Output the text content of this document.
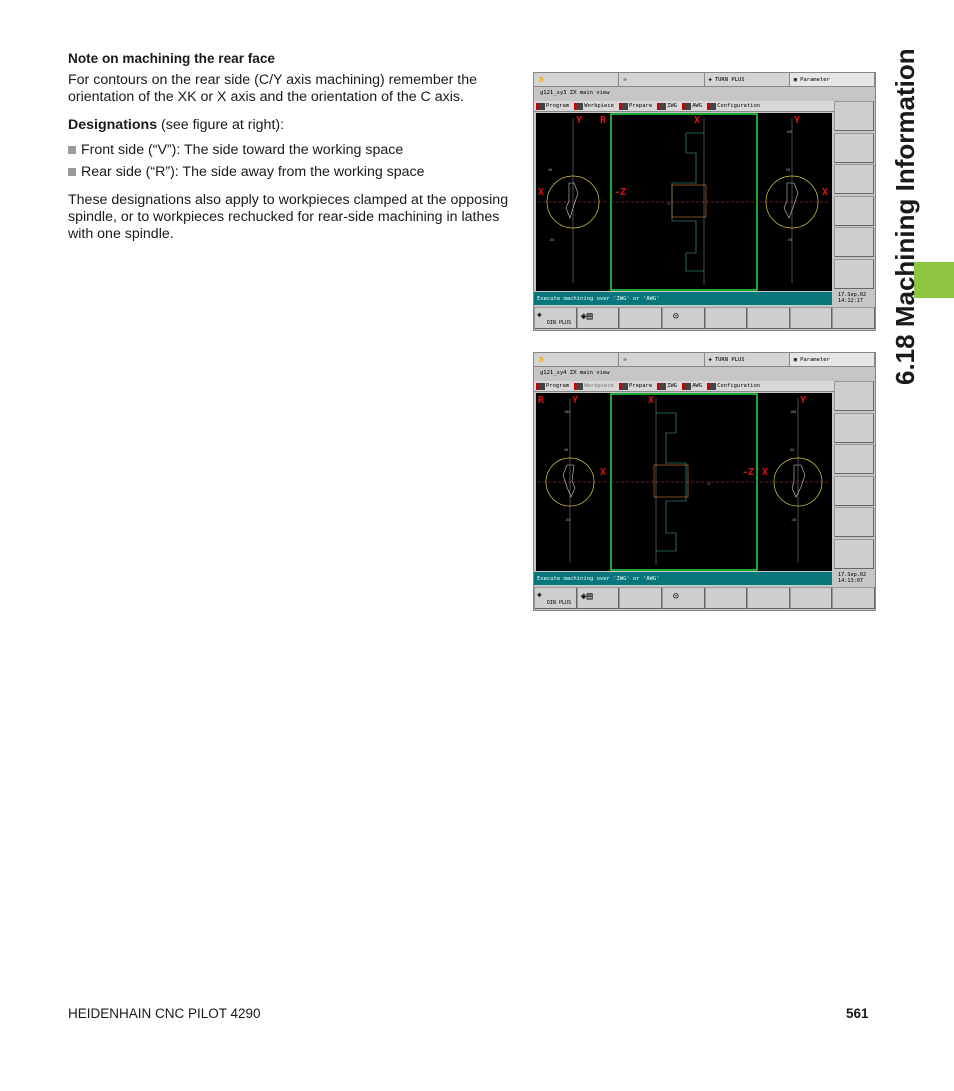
Note on machining the rear face

For contours on the rear side (C/Y axis machining) remember the orientation of the XK or X axis and the orientation of the C axis.

Designations (see figure at right):

Front side (“V”): The side toward the working space
Rear side (“R”): The side away from the working space

These designations also apply to workpieces clamped at the opposing spindle, or to workpieces rechucked for rear-side machining in lathes with one spindle.	6.18 Machining Information
HEIDENHAIN CNC PILOT 4290	561
✋	⇛	◈ TURN PLUS	▣ Parameter
g121_xy3 ZX main view
Program	Workpiece	Prepare	IWG	AWG	Configuration
50
-50
100
50
-50
-Z
Y R
X
X
-Z
Y
X
Execute machining over 'IWG' or 'AWG'
17.Sep.02
14:12:17
◈
DIN PLUS
◈▤	⊝
✋	⇛	◈ TURN PLUS	▣ Parameter
g121_xy4 ZX main view
Program	Workpiece	Prepare	IWG	AWG	Configuration
100
50
-50
100
50
-50
-Z
R	Y
X
X
-Z X
Y
Execute machining over 'IWG' or 'AWG'
17.Sep.02
14:13:07
◈
DIN PLUS
◈▤	⊝
